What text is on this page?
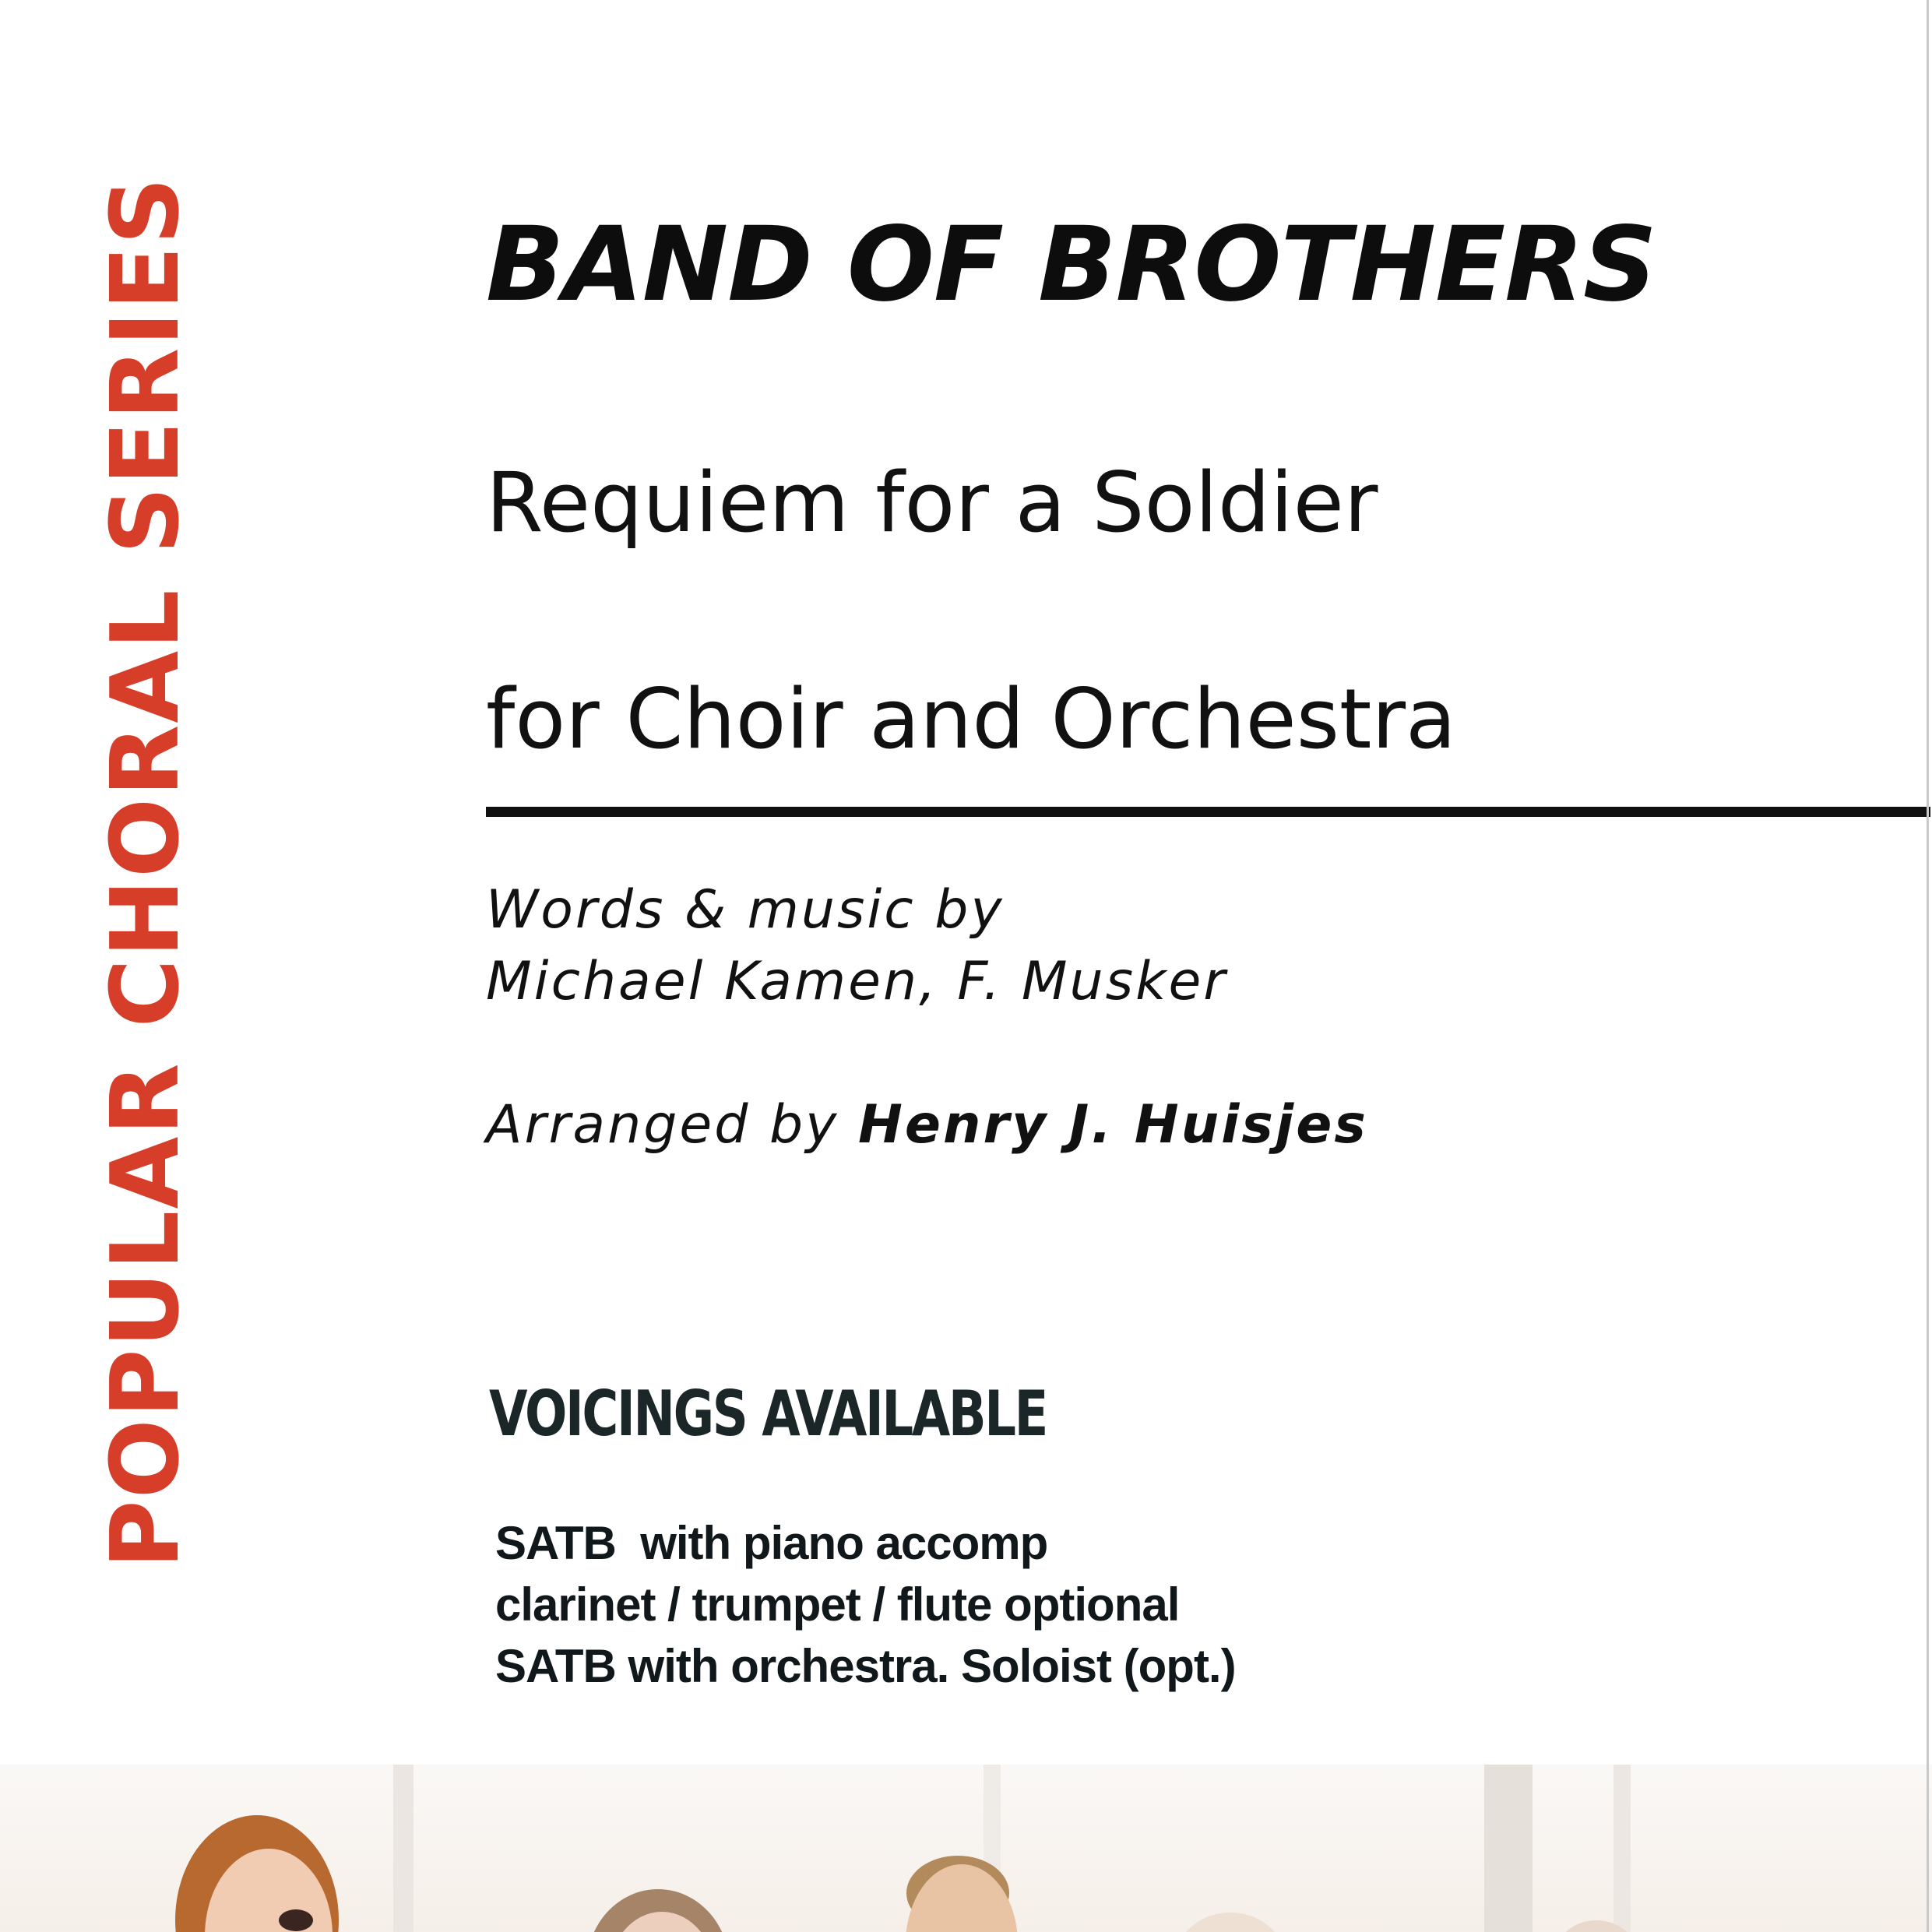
POPULAR CHORAL SERIES	BAND OF BROTHERS

Requiem for a Soldier

for Choir and Orchestra

Words & music by

Michael Kamen, F. Musker

Arranged by Henry J. Huisjes

VOICINGS AVAILABLE
SATB  with piano accomp
clarinet / trumpet / flute optional
SATB with orchestra. Soloist (opt.)
